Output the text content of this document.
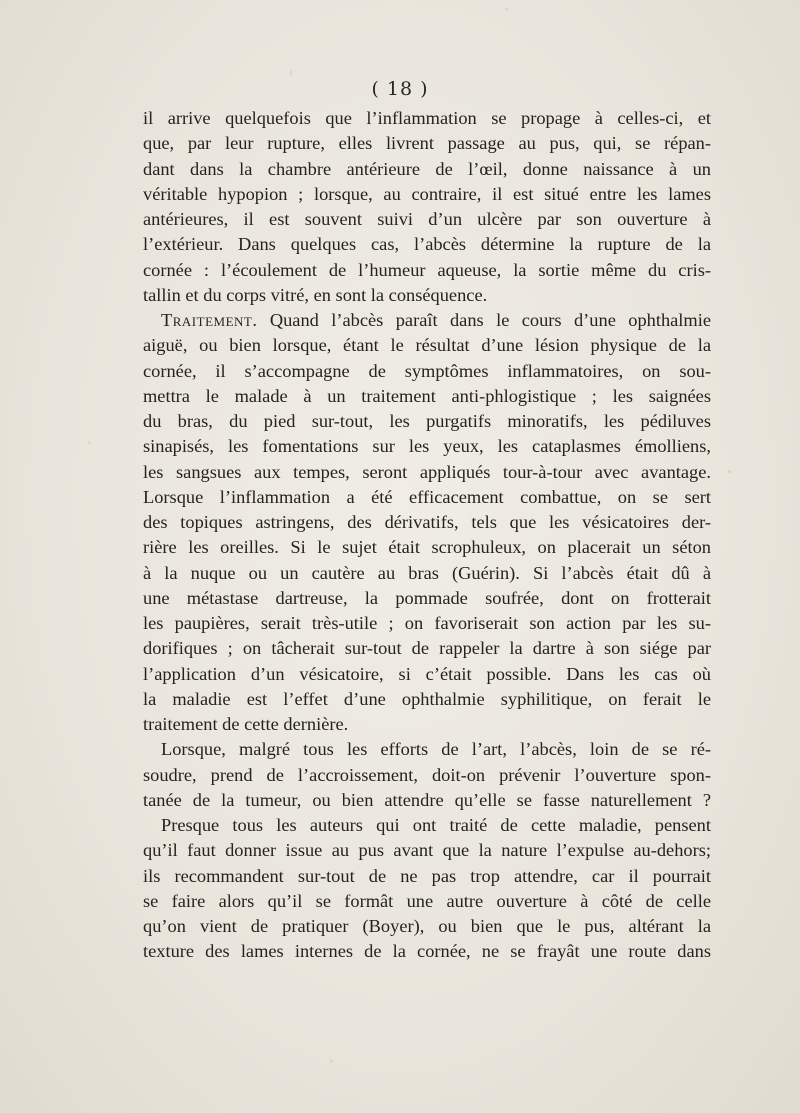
( 18 )
il arrive quelquefois que l’inflammation se propage à celles-ci, et
que, par leur rupture, elles livrent passage au pus, qui, se répan-
dant dans la chambre antérieure de l’œil, donne naissance à un
véritable hypopion ; lorsque, au contraire, il est situé entre les lames
antérieures, il est souvent suivi d’un ulcère par son ouverture à
l’extérieur. Dans quelques cas, l’abcès détermine la rupture de la
cornée : l’écoulement de l’humeur aqueuse, la sortie même du cris-
tallin et du corps vitré, en sont la conséquence.
Traitement. Quand l’abcès paraît dans le cours d’une ophthalmie
aiguë, ou bien lorsque, étant le résultat d’une lésion physique de la
cornée, il s’accompagne de symptômes inflammatoires, on sou-
mettra le malade à un traitement anti-phlogistique ; les saignées
du bras, du pied sur-tout, les purgatifs minoratifs, les pédiluves
sinapisés, les fomentations sur les yeux, les cataplasmes émolliens,
les sangsues aux tempes, seront appliqués tour-à-tour avec avantage.
Lorsque l’inflammation a été efficacement combattue, on se sert
des topiques astringens, des dérivatifs, tels que les vésicatoires der-
rière les oreilles. Si le sujet était scrophuleux, on placerait un séton
à la nuque ou un cautère au bras (Guérin). Si l’abcès était dû à
une métastase dartreuse, la pommade soufrée, dont on frotterait
les paupières, serait très-utile ; on favoriserait son action par les su-
dorifiques ; on tâcherait sur-tout de rappeler la dartre à son siége par
l’application d’un vésicatoire, si c’était possible. Dans les cas où
la maladie est l’effet d’une ophthalmie syphilitique, on ferait le
traitement de cette dernière.
Lorsque, malgré tous les efforts de l’art, l’abcès, loin de se ré-
soudre, prend de l’accroissement, doit-on prévenir l’ouverture spon-
tanée de la tumeur, ou bien attendre qu’elle se fasse naturellement ?
Presque tous les auteurs qui ont traité de cette maladie, pensent
qu’il faut donner issue au pus avant que la nature l’expulse au-dehors;
ils recommandent sur-tout de ne pas trop attendre, car il pourrait
se faire alors qu’il se formât une autre ouverture à côté de celle
qu’on vient de pratiquer (Boyer), ou bien que le pus, altérant la
texture des lames internes de la cornée, ne se frayât une route dans
